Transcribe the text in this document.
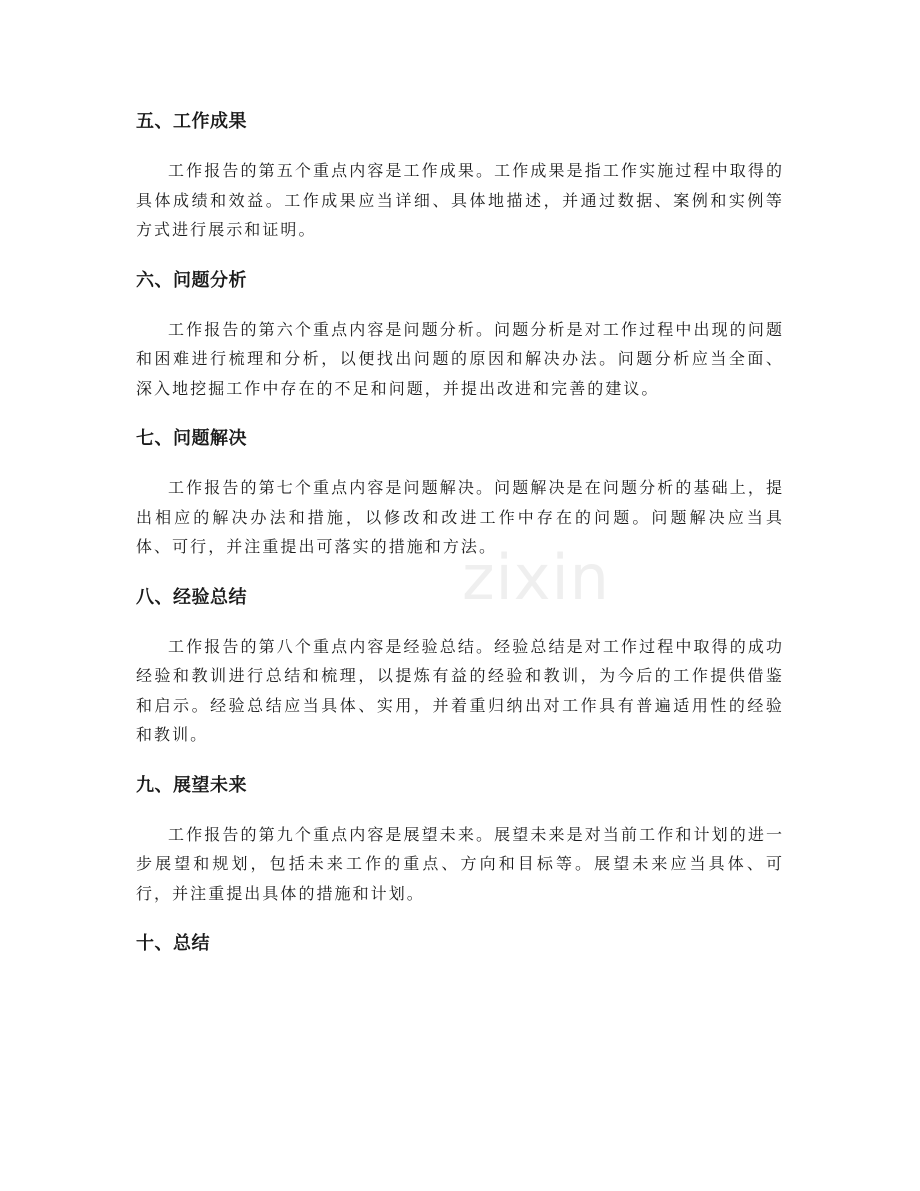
五、工作成果

工作报告的第五个重点内容是工作成果。工作成果是指工作实施过程中取得的具体成绩和效益。工作成果应当详细、具体地描述，并通过数据、案例和实例等方式进行展示和证明。

六、问题分析

工作报告的第六个重点内容是问题分析。问题分析是对工作过程中出现的问题和困难进行梳理和分析，以便找出问题的原因和解决办法。问题分析应当全面、深入地挖掘工作中存在的不足和问题，并提出改进和完善的建议。

七、问题解决

工作报告的第七个重点内容是问题解决。问题解决是在问题分析的基础上，提出相应的解决办法和措施，以修改和改进工作中存在的问题。问题解决应当具体、可行，并注重提出可落实的措施和方法。

八、经验总结

工作报告的第八个重点内容是经验总结。经验总结是对工作过程中取得的成功经验和教训进行总结和梳理，以提炼有益的经验和教训，为今后的工作提供借鉴和启示。经验总结应当具体、实用，并着重归纳出对工作具有普遍适用性的经验和教训。

九、展望未来

工作报告的第九个重点内容是展望未来。展望未来是对当前工作和计划的进一步展望和规划，包括未来工作的重点、方向和目标等。展望未来应当具体、可行，并注重提出具体的措施和计划。

十、总结
zixin
